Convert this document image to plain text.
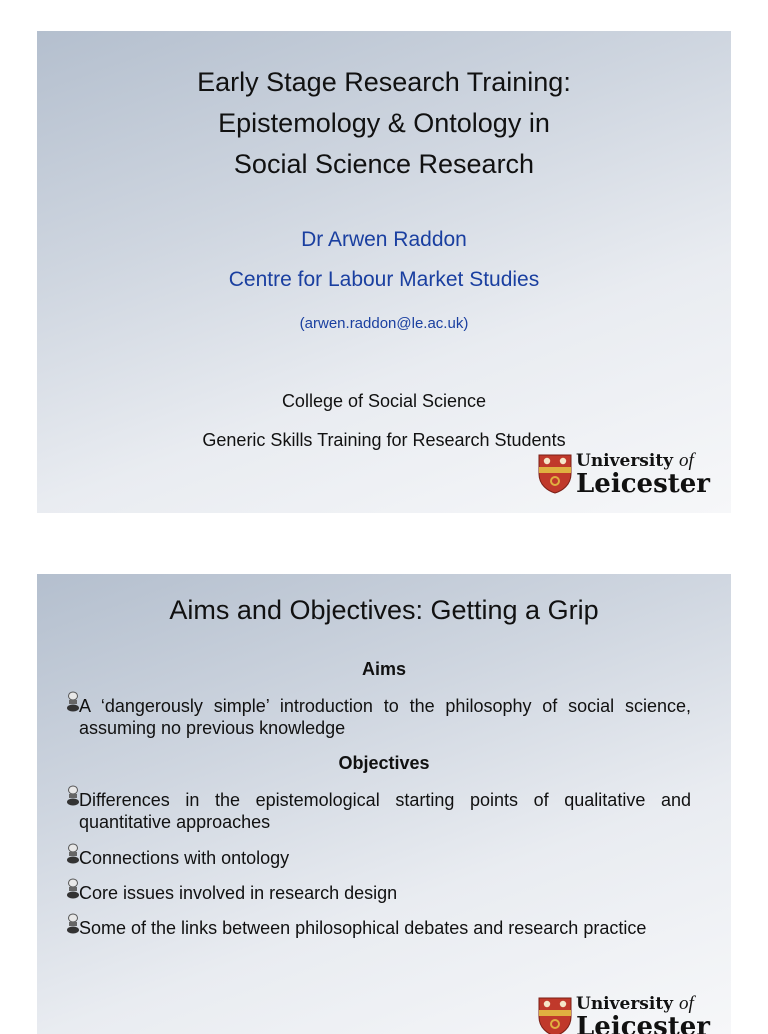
Early Stage Research Training:
Epistemology & Ontology in
Social Science Research
Dr Arwen Raddon
Centre for Labour Market Studies
(arwen.raddon@le.ac.uk)
College of Social Science
Generic Skills Training for Research Students
University of
Leicester
Aims and Objectives: Getting a Grip
Aims
A ‘dangerously simple’ introduction to the philosophy of social science, assuming no previous knowledge
Objectives
Differences in the epistemological starting points of qualitative and quantitative approaches
Connections with ontology
Core issues involved in research design
Some of the links between philosophical debates and research practice
University of
Leicester
